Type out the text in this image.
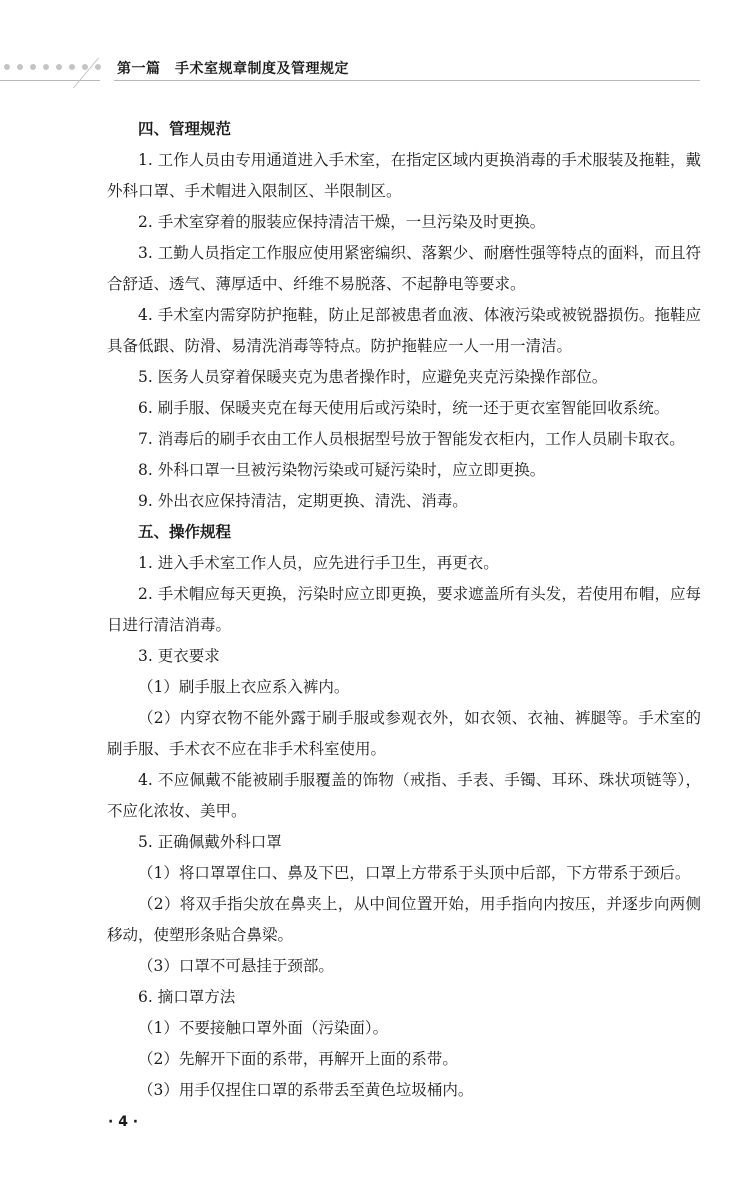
第一篇　手术室规章制度及管理规定

四、管理规范

1. 工作人员由专用通道进入手术室，在指定区域内更换消毒的手术服装及拖鞋，戴外科口罩、手术帽进入限制区、半限制区。

2. 手术室穿着的服装应保持清洁干燥，一旦污染及时更换。

3. 工勤人员指定工作服应使用紧密编织、落絮少、耐磨性强等特点的面料，而且符合舒适、透气、薄厚适中、纤维不易脱落、不起静电等要求。

4. 手术室内需穿防护拖鞋，防止足部被患者血液、体液污染或被锐器损伤。拖鞋应具备低跟、防滑、易清洗消毒等特点。防护拖鞋应一人一用一清洁。

5. 医务人员穿着保暖夹克为患者操作时，应避免夹克污染操作部位。

6. 刷手服、保暖夹克在每天使用后或污染时，统一还于更衣室智能回收系统。

7. 消毒后的刷手衣由工作人员根据型号放于智能发衣柜内，工作人员刷卡取衣。

8. 外科口罩一旦被污染物污染或可疑污染时，应立即更换。

9. 外出衣应保持清洁，定期更换、清洗、消毒。

五、操作规程

1. 进入手术室工作人员，应先进行手卫生，再更衣。

2. 手术帽应每天更换，污染时应立即更换，要求遮盖所有头发，若使用布帽，应每日进行清洁消毒。

3. 更衣要求

（1）刷手服上衣应系入裤内。

（2）内穿衣物不能外露于刷手服或参观衣外，如衣领、衣袖、裤腿等。手术室的刷手服、手术衣不应在非手术科室使用。

4. 不应佩戴不能被刷手服覆盖的饰物（戒指、手表、手镯、耳环、珠状项链等），不应化浓妆、美甲。

5. 正确佩戴外科口罩

（1）将口罩罩住口、鼻及下巴，口罩上方带系于头顶中后部，下方带系于颈后。

（2）将双手指尖放在鼻夹上，从中间位置开始，用手指向内按压，并逐步向两侧移动，使塑形条贴合鼻梁。

（3）口罩不可悬挂于颈部。

6. 摘口罩方法

（1）不要接触口罩外面（污染面）。

（2）先解开下面的系带，再解开上面的系带。

（3）用手仅捏住口罩的系带丢至黄色垃圾桶内。

· 4 ·
